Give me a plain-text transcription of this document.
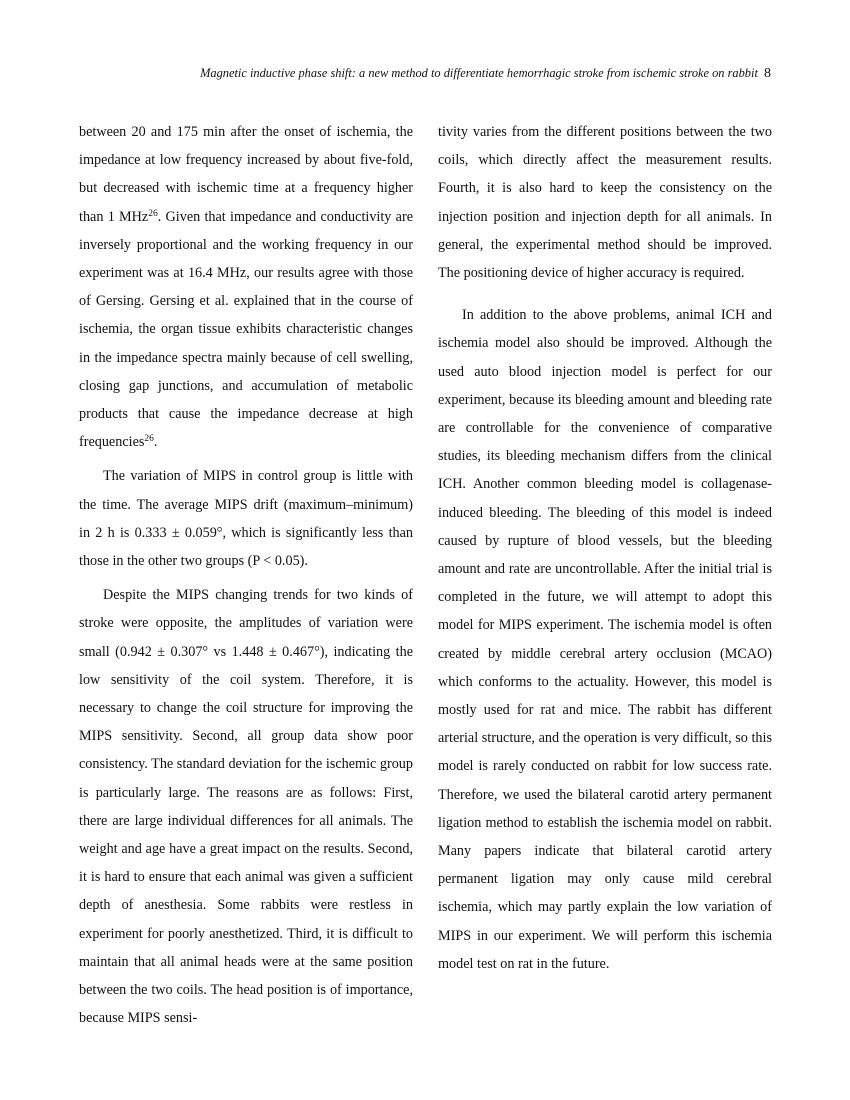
Magnetic inductive phase shift: a new method to differentiate hemorrhagic stroke from ischemic stroke on rabbit 8

between 20 and 175 min after the onset of ischemia, the impedance at low frequency increased by about five-fold, but decreased with ischemic time at a frequency higher than 1 MHz$^{26}$. Given that impedance and conductivity are inversely proportional and the working frequency in our experiment was at 16.4 MHz, our results agree with those of Gersing. Gersing et al. explained that in the course of ischemia, the organ tissue exhibits characteristic changes in the impedance spectra mainly because of cell swelling, closing gap junctions, and accumulation of metabolic products that cause the impedance decrease at high frequencies$^{26}$.

The variation of MIPS in control group is little with the time. The average MIPS drift (maximum–minimum) in 2 h is 0.333 ± 0.059°, which is significantly less than those in the other two groups (P < 0.05).

Despite the MIPS changing trends for two kinds of stroke were opposite, the amplitudes of variation were small (0.942 ± 0.307° vs 1.448 ± 0.467°), indicating the low sensitivity of the coil system. Therefore, it is necessary to change the coil structure for improving the MIPS sensitivity. Second, all group data show poor consistency. The standard deviation for the ischemic group is particularly large. The reasons are as follows: First, there are large individual differences for all animals. The weight and age have a great impact on the results. Second, it is hard to ensure that each animal was given a sufficient depth of anesthesia. Some rabbits were restless in experiment for poorly anesthetized. Third, it is difficult to maintain that all animal heads were at the same position between the two coils. The head position is of importance, because MIPS sensi-

tivity varies from the different positions between the two coils, which directly affect the measurement results. Fourth, it is also hard to keep the consistency on the injection position and injection depth for all animals. In general, the experimental method should be improved. The positioning device of higher accuracy is required.

In addition to the above problems, animal ICH and ischemia model also should be improved. Although the used auto blood injection model is perfect for our experiment, because its bleeding amount and bleeding rate are controllable for the convenience of comparative studies, its bleeding mechanism differs from the clinical ICH. Another common bleeding model is collagenase-induced bleeding. The bleeding of this model is indeed caused by rupture of blood vessels, but the bleeding amount and rate are uncontrollable. After the initial trial is completed in the future, we will attempt to adopt this model for MIPS experiment. The ischemia model is often created by middle cerebral artery occlusion (MCAO) which conforms to the actuality. However, this model is mostly used for rat and mice. The rabbit has different arterial structure, and the operation is very difficult, so this model is rarely conducted on rabbit for low success rate. Therefore, we used the bilateral carotid artery permanent ligation method to establish the ischemia model on rabbit. Many papers indicate that bilateral carotid artery permanent ligation may only cause mild cerebral ischemia, which may partly explain the low variation of MIPS in our experiment. We will perform this ischemia model test on rat in the future.
